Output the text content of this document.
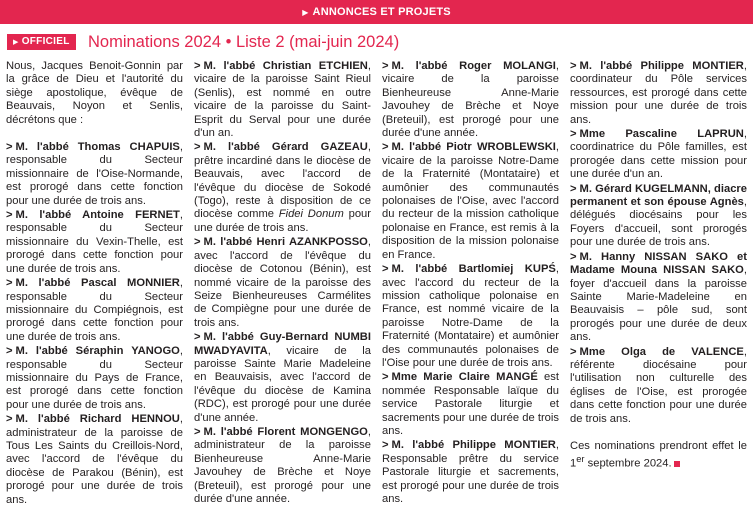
▶ ANNONCES ET PROJETS
▶ OFFICIEL	Nominations 2024 • Liste 2 (mai-juin 2024)

Nous, Jacques Benoit-Gonnin par la grâce de Dieu et l'autorité du siège apostolique, évêque de Beauvais, Noyon et Senlis, décrétons que :

> M. l'abbé Thomas CHAPUIS, responsable du Secteur missionnaire de l'Oise-Normande, est prorogé dans cette fonction pour une durée de trois ans.

> M. l'abbé Antoine FERNET, responsable du Secteur missionnaire du Vexin-Thelle, est prorogé dans cette fonction pour une durée de trois ans.

> M. l'abbé Pascal MONNIER, responsable du Secteur missionnaire du Compiégnois, est prorogé dans cette fonction pour une durée de trois ans.

> M. l'abbé Séraphin YANOGO, responsable du Secteur missionnaire du Pays de France, est prorogé dans cette fonction pour une durée de trois ans.

> M. l'abbé Richard HENNOU, administrateur de la paroisse de Tous Les Saints du Creillois-Nord, avec l'accord de l'évêque du diocèse de Parakou (Bénin), est prorogé pour une durée de trois ans.

> M. l'abbé Christian ETCHIEN, vicaire de la paroisse Saint Rieul (Senlis), est nommé en outre vicaire de la paroisse du Saint-Esprit du Serval pour une durée d'un an.

> M. l'abbé Gérard GAZEAU, prêtre incardiné dans le diocèse de Beauvais, avec l'accord de l'évêque du diocèse de Sokodé (Togo), reste à disposition de ce diocèse comme Fidei Donum pour une durée de trois ans.

> M. l'abbé Henri AZANKPOSSO, avec l'accord de l'évêque du diocèse de Cotonou (Bénin), est nommé vicaire de la paroisse des Seize Bienheureuses Carmélites de Compiègne pour une durée de trois ans.

> M. l'abbé Guy-Bernard NUMBI MWADYAVITA, vicaire de la paroisse Sainte Marie Madeleine en Beauvaisis, avec l'accord de l'évêque du diocèse de Kamina (RDC), est prorogé pour une durée d'une année.

> M. l'abbé Florent MONGENGO, administrateur de la paroisse Bienheureuse Anne-Marie Javouhey de Brèche et Noye (Breteuil), est prorogé pour une durée d'une année.

> M. l'abbé Roger MOLANGI, vicaire de la paroisse Bienheureuse Anne-Marie Javouhey de Brèche et Noye (Breteuil), est prorogé pour une durée d'une année.

> M. l'abbé Piotr WROBLEWSKI, vicaire de la paroisse Notre-Dame de la Fraternité (Montataire) et aumônier des communautés polonaises de l'Oise, avec l'accord du recteur de la mission catholique polonaise en France, est remis à la disposition de la mission polonaise en France.

> M. l'abbé Bartlomiej KUPŚ, avec l'accord du recteur de la mission catholique polonaise en France, est nommé vicaire de la paroisse Notre-Dame de la Fraternité (Montataire) et aumônier des communautés polonaises de l'Oise pour une durée de trois ans.

> Mme Marie Claire MANGÉ est nommée Responsable laïque du service Pastorale liturgie et sacrements pour une durée de trois ans.

> M. l'abbé Philippe MONTIER, Responsable prêtre du service Pastorale liturgie et sacrements, est prorogé pour une durée de trois ans.

> M. l'abbé Philippe MONTIER, coordinateur du Pôle services ressources, est prorogé dans cette mission pour une durée de trois ans.

> Mme Pascaline LAPRUN, coordinatrice du Pôle familles, est prorogée dans cette mission pour une durée d'un an.

> M. Gérard KUGELMANN, diacre permanent et son épouse Agnès, délégués diocésains pour les Foyers d'accueil, sont prorogés pour une durée de trois ans.

> M. Hanny NISSAN SAKO et Madame Mouna NISSAN SAKO, foyer d'accueil dans la paroisse Sainte Marie-Madeleine en Beauvaisis – pôle sud, sont prorogés pour une durée de deux ans.

> Mme Olga de VALENCE, référente diocésaine pour l'utilisation non culturelle des églises de l'Oise, est prorogée dans cette fonction pour une durée de trois ans.

Ces nominations prendront effet le 1er septembre 2024.
